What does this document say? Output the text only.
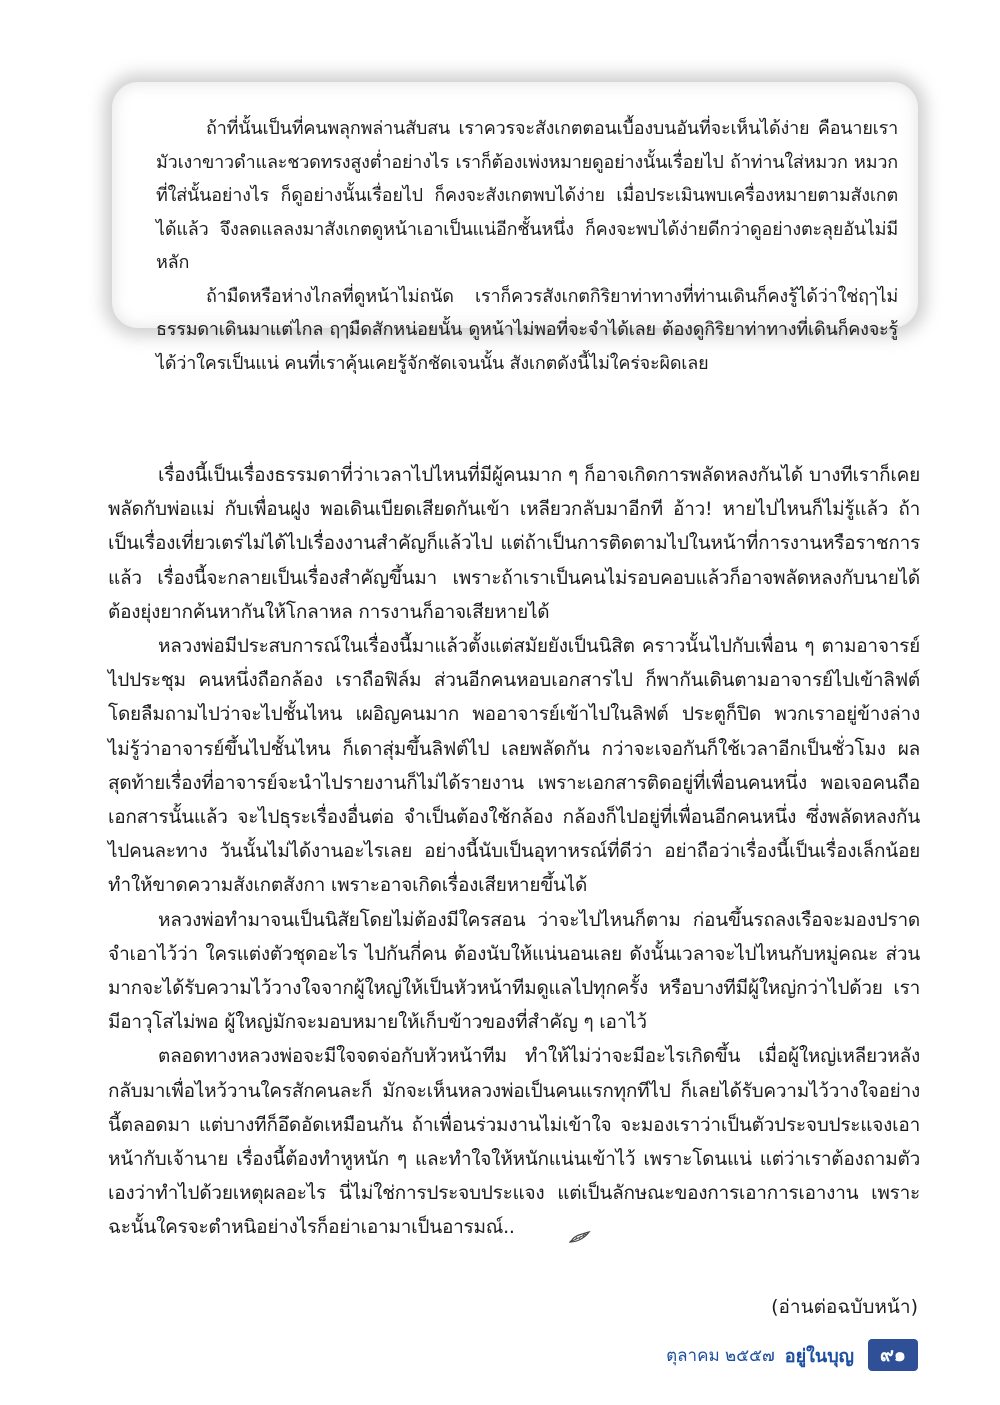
ถ้าที่นั้นเป็นที่คนพลุกพล่านสับสน เราควรจะสังเกตตอนเบื้องบนอันที่จะเห็นได้ง่าย คือนายเรามัวเงาขาวดำและชวดทรงสูงต่ำอย่างไร เราก็ต้องเพ่งหมายดูอย่างนั้นเรื่อยไป ถ้าท่านใส่หมวก หมวกที่ใส่นั้นอย่างไร ก็ดูอย่างนั้นเรื่อยไป ก็คงจะสังเกตพบได้ง่าย เมื่อประเมินพบเครื่องหมายตามสังเกตได้แล้ว จึงลดแลลงมาสังเกตดูหน้าเอาเป็นแน่อีกชั้นหนึ่ง ก็คงจะพบได้ง่ายดีกว่าดูอย่างตะลุยอันไม่มีหลัก

ถ้ามืดหรือห่างไกลที่ดูหน้าไม่ถนัด เราก็ควรสังเกตกิริยาท่าทางที่ท่านเดินก็คงรู้ได้ว่าใช่ฤๅไม่ ธรรมดาเดินมาแต่ไกล ฤๅมืดสักหน่อยนั้น ดูหน้าไม่พอที่จะจำได้เลย ต้องดูกิริยาท่าทางที่เดินก็คงจะรู้ได้ว่าใครเป็นแน่ คนที่เราคุ้นเคยรู้จักชัดเจนนั้น สังเกตดังนี้ไม่ใคร่จะผิดเลย

เรื่องนี้เป็นเรื่องธรรมดาที่ว่าเวลาไปไหนที่มีผู้คนมาก ๆ ก็อาจเกิดการพลัดหลงกันได้ บางทีเราก็เคยพลัดกับพ่อแม่ กับเพื่อนฝูง พอเดินเบียดเสียดกันเข้า เหลียวกลับมาอีกที อ้าว! หายไปไหนก็ไม่รู้แล้ว ถ้าเป็นเรื่องเที่ยวเตร่ไม่ได้ไปเรื่องงานสำคัญก็แล้วไป แต่ถ้าเป็นการติดตามไปในหน้าที่การงานหรือราชการแล้ว เรื่องนี้จะกลายเป็นเรื่องสำคัญขึ้นมา เพราะถ้าเราเป็นคนไม่รอบคอบแล้วก็อาจพลัดหลงกับนายได้ ต้องยุ่งยากค้นหากันให้โกลาหล การงานก็อาจเสียหายได้

หลวงพ่อมีประสบการณ์ในเรื่องนี้มาแล้วตั้งแต่สมัยยังเป็นนิสิต คราวนั้นไปกับเพื่อน ๆ ตามอาจารย์ไปประชุม คนหนึ่งถือกล้อง เราถือฟิล์ม ส่วนอีกคนหอบเอกสารไป ก็พากันเดินตามอาจารย์ไปเข้าลิฟต์ โดยลืมถามไปว่าจะไปชั้นไหน เผอิญคนมาก พออาจารย์เข้าไปในลิฟต์ ประตูก็ปิด พวกเราอยู่ข้างล่าง ไม่รู้ว่าอาจารย์ขึ้นไปชั้นไหน ก็เดาสุ่มขึ้นลิฟต์ไป เลยพลัดกัน กว่าจะเจอกันก็ใช้เวลาอีกเป็นชั่วโมง ผลสุดท้ายเรื่องที่อาจารย์จะนำไปรายงานก็ไม่ได้รายงาน เพราะเอกสารติดอยู่ที่เพื่อนคนหนึ่ง พอเจอคนถือเอกสารนั้นแล้ว จะไปธุระเรื่องอื่นต่อ จำเป็นต้องใช้กล้อง กล้องก็ไปอยู่ที่เพื่อนอีกคนหนึ่ง ซึ่งพลัดหลงกันไปคนละทาง วันนั้นไม่ได้งานอะไรเลย อย่างนี้นับเป็นอุทาหรณ์ที่ดีว่า อย่าถือว่าเรื่องนี้เป็นเรื่องเล็กน้อย ทำให้ขาดความสังเกตสังกา เพราะอาจเกิดเรื่องเสียหายขึ้นได้

หลวงพ่อทำมาจนเป็นนิสัยโดยไม่ต้องมีใครสอน ว่าจะไปไหนก็ตาม ก่อนขึ้นรถลงเรือจะมองปราด จำเอาไว้ว่า ใครแต่งตัวชุดอะไร ไปกันกี่คน ต้องนับให้แน่นอนเลย ดังนั้นเวลาจะไปไหนกับหมู่คณะ ส่วนมากจะได้รับความไว้วางใจจากผู้ใหญ่ให้เป็นหัวหน้าทีมดูแลไปทุกครั้ง หรือบางทีมีผู้ใหญ่กว่าไปด้วย เรามีอาวุโสไม่พอ ผู้ใหญ่มักจะมอบหมายให้เก็บข้าวของที่สำคัญ ๆ เอาไว้

ตลอดทางหลวงพ่อจะมีใจจดจ่อกับหัวหน้าทีม ทำให้ไม่ว่าจะมีอะไรเกิดขึ้น เมื่อผู้ใหญ่เหลียวหลังกลับมาเพื่อไหว้วานใครสักคนละก็ มักจะเห็นหลวงพ่อเป็นคนแรกทุกทีไป ก็เลยได้รับความไว้วางใจอย่างนี้ตลอดมา แต่บางทีก็อึดอัดเหมือนกัน ถ้าเพื่อนร่วมงานไม่เข้าใจ จะมองเราว่าเป็นตัวประจบประแจงเอาหน้ากับเจ้านาย เรื่องนี้ต้องทำหูหนัก ๆ และทำใจให้หนักแน่นเข้าไว้ เพราะโดนแน่ แต่ว่าเราต้องถามตัวเองว่าทำไปด้วยเหตุผลอะไร นี่ไม่ใช่การประจบประแจง แต่เป็นลักษณะของการเอาการเอางาน เพราะฉะนั้นใครจะตำหนิอย่างไรก็อย่าเอามาเป็นอารมณ์..

(อ่านต่อฉบับหน้า)
ตุลาคม ๒๕๕๗ อยู่ในบุญ	๙๑
